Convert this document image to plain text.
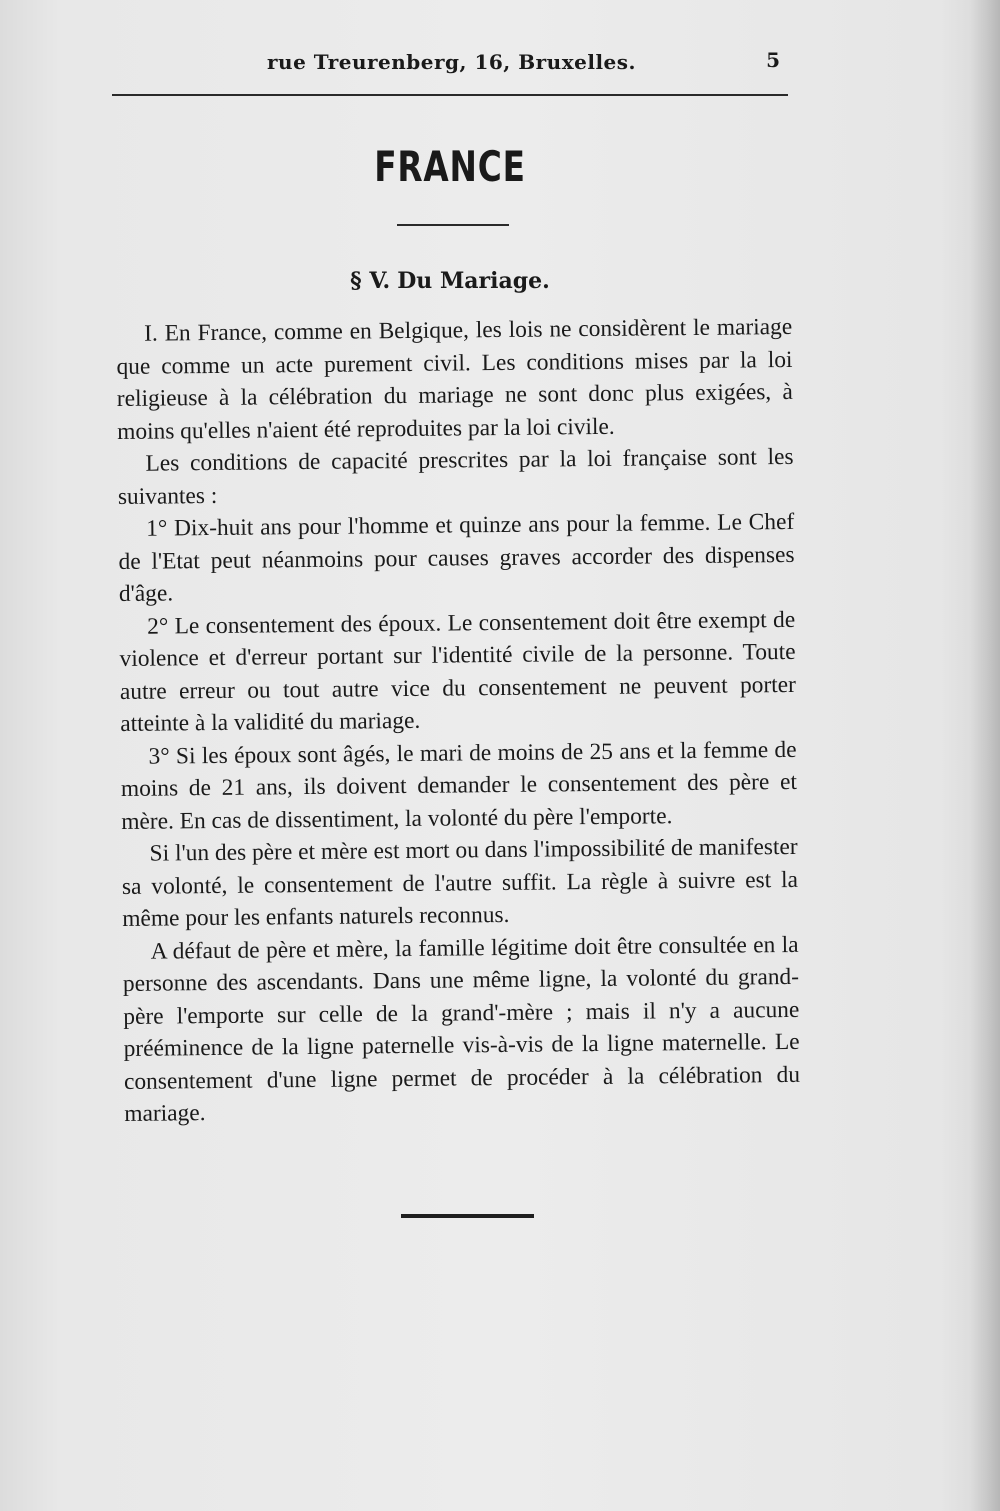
rue Treurenberg, 16, Bruxelles.	5
FRANCE
§ V. Du Mariage.

I. En France, comme en Belgique, les lois ne considèrent le mariage que comme un acte purement civil. Les conditions mises par la loi religieuse à la célébration du mariage ne sont donc plus exigées, à moins qu'elles n'aient été reproduites par la loi civile.

Les conditions de capacité prescrites par la loi française sont les suivantes :

1° Dix-huit ans pour l'homme et quinze ans pour la femme. Le Chef de l'Etat peut néanmoins pour causes graves accorder des dispenses d'âge.

2° Le consentement des époux. Le consentement doit être exempt de violence et d'erreur portant sur l'identité civile de la personne. Toute autre erreur ou tout autre vice du consentement ne peuvent porter atteinte à la validité du mariage.

3° Si les époux sont âgés, le mari de moins de 25 ans et la femme de moins de 21 ans, ils doivent demander le consentement des père et mère. En cas de dissentiment, la volonté du père l'emporte.

Si l'un des père et mère est mort ou dans l'impossibilité de manifester sa volonté, le consentement de l'autre suffit. La règle à suivre est la même pour les enfants naturels reconnus.

A défaut de père et mère, la famille légitime doit être consultée en la personne des ascendants. Dans une même ligne, la volonté du grand-père l'emporte sur celle de la grand'-mère ; mais il n'y a aucune prééminence de la ligne paternelle vis-à-vis de la ligne maternelle. Le consentement d'une ligne permet de procéder à la célébration du mariage.
